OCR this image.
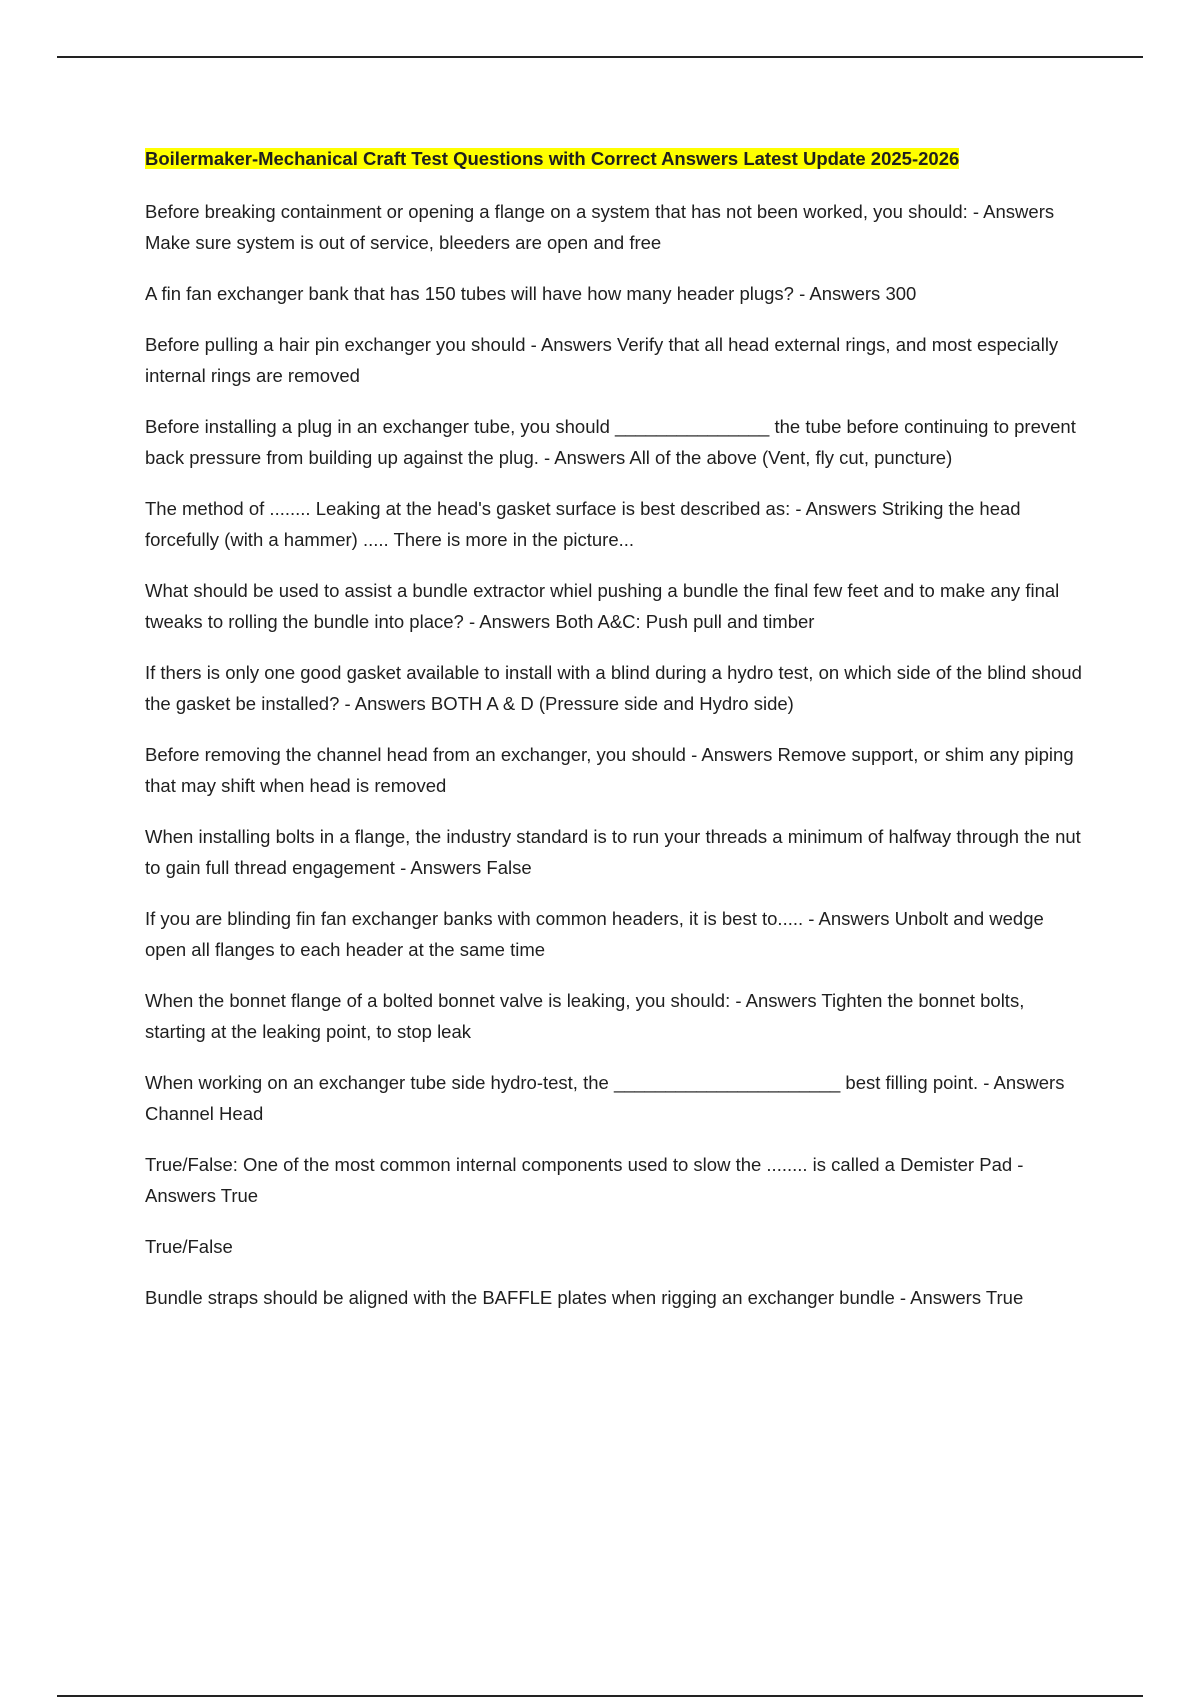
Boilermaker-Mechanical Craft Test Questions with Correct Answers Latest Update 2025-2026

Before breaking containment or opening a flange on a system that has not been worked, you should: - Answers Make sure system is out of service, bleeders are open and free

A fin fan exchanger bank that has 150 tubes will have how many header plugs? - Answers 300

Before pulling a hair pin exchanger you should - Answers Verify that all head external rings, and most especially internal rings are removed

Before installing a plug in an exchanger tube, you should _______________ the tube before continuing to prevent back pressure from building up against the plug. - Answers All of the above (Vent, fly cut, puncture)

The method of ........ Leaking at the head's gasket surface is best described as: - Answers Striking the head forcefully (with a hammer) ..... There is more in the picture...

What should be used to assist a bundle extractor whiel pushing a bundle the final few feet and to make any final tweaks to rolling the bundle into place? - Answers Both A&C: Push pull and timber

If thers is only one good gasket available to install with a blind during a hydro test, on which side of the blind shoud the gasket be installed? - Answers BOTH A & D (Pressure side and Hydro side)

Before removing the channel head from an exchanger, you should - Answers Remove support, or shim any piping that may shift when head is removed

When installing bolts in a flange, the industry standard is to run your threads a minimum of halfway through the nut to gain full thread engagement - Answers False

If you are blinding fin fan exchanger banks with common headers, it is best to..... - Answers Unbolt and wedge open all flanges to each header at the same time

When the bonnet flange of a bolted bonnet valve is leaking, you should: - Answers Tighten the bonnet bolts, starting at the leaking point, to stop leak

When working on an exchanger tube side hydro-test, the ______________________ best filling point. - Answers Channel Head

True/False: One of the most common internal components used to slow the ........ is called a Demister Pad - Answers True

True/False

Bundle straps should be aligned with the BAFFLE plates when rigging an exchanger bundle - Answers True
